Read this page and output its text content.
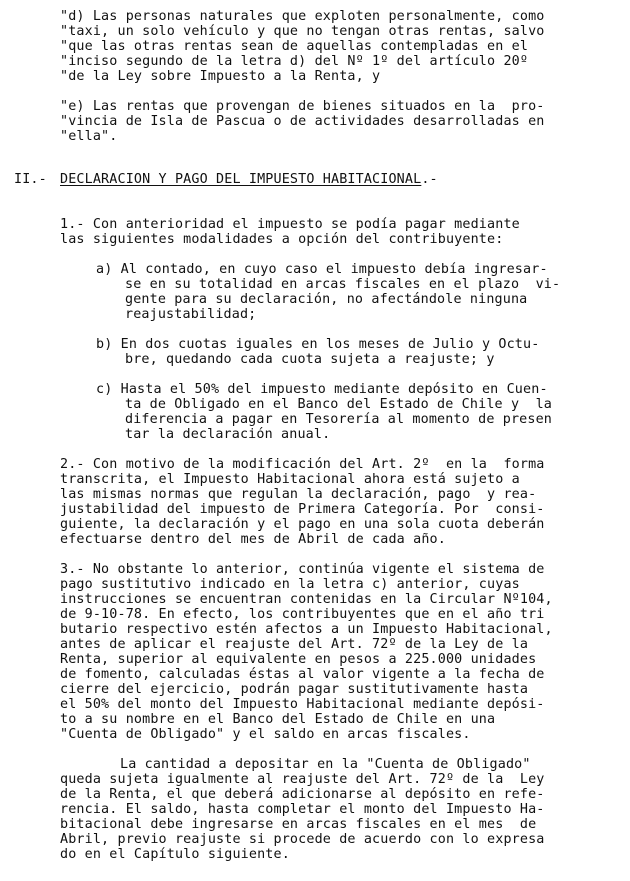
"d) Las personas naturales que exploten personalmente, como

"taxi, un solo vehículo y que no tengan otras rentas, salvo

"que las otras rentas sean de aquellas contempladas en el

"inciso segundo de la letra d) del Nº 1º del artículo 20º

"de la Ley sobre Impuesto a la Renta, y

"e) Las rentas que provengan de bienes situados en la  pro-

"vincia de Isla de Pascua o de actividades desarrolladas en

"ella".

II.- DECLARACION Y PAGO DEL IMPUESTO HABITACIONAL.-

1.- Con anterioridad el impuesto se podía pagar mediante

las siguientes modalidades a opción del contribuyente:

a) Al contado, en cuyo caso el impuesto debía ingresar-

se en su totalidad en arcas fiscales en el plazo  vi-

gente para su declaración, no afectándole ninguna

reajustabilidad;

b) En dos cuotas iguales en los meses de Julio y Octu-

bre, quedando cada cuota sujeta a reajuste; y

c) Hasta el 50% del impuesto mediante depósito en Cuen-

ta de Obligado en el Banco del Estado de Chile y  la

diferencia a pagar en Tesorería al momento de presen

tar la declaración anual.

2.- Con motivo de la modificación del Art. 2º  en la  forma

transcrita, el Impuesto Habitacional ahora está sujeto a

las mismas normas que regulan la declaración, pago  y rea-

justabilidad del impuesto de Primera Categoría. Por  consi-

guiente, la declaración y el pago en una sola cuota deberán

efectuarse dentro del mes de Abril de cada año.

3.- No obstante lo anterior, continúa vigente el sistema de

pago sustitutivo indicado en la letra c) anterior, cuyas

instrucciones se encuentran contenidas en la Circular Nº104,

de 9-10-78. En efecto, los contribuyentes que en el año tri

butario respectivo estén afectos a un Impuesto Habitacional,

antes de aplicar el reajuste del Art. 72º de la Ley de la

Renta, superior al equivalente en pesos a 225.000 unidades

de fomento, calculadas éstas al valor vigente a la fecha de

cierre del ejercicio, podrán pagar sustitutivamente hasta

el 50% del monto del Impuesto Habitacional mediante depósi-

to a su nombre en el Banco del Estado de Chile en una

"Cuenta de Obligado" y el saldo en arcas fiscales.

La cantidad a depositar en la "Cuenta de Obligado"

queda sujeta igualmente al reajuste del Art. 72º de la  Ley

de la Renta, el que deberá adicionarse al depósito en refe-

rencia. El saldo, hasta completar el monto del Impuesto Ha-

bitacional debe ingresarse en arcas fiscales en el mes  de

Abril, previo reajuste si procede de acuerdo con lo expresa

do en el Capítulo siguiente.
